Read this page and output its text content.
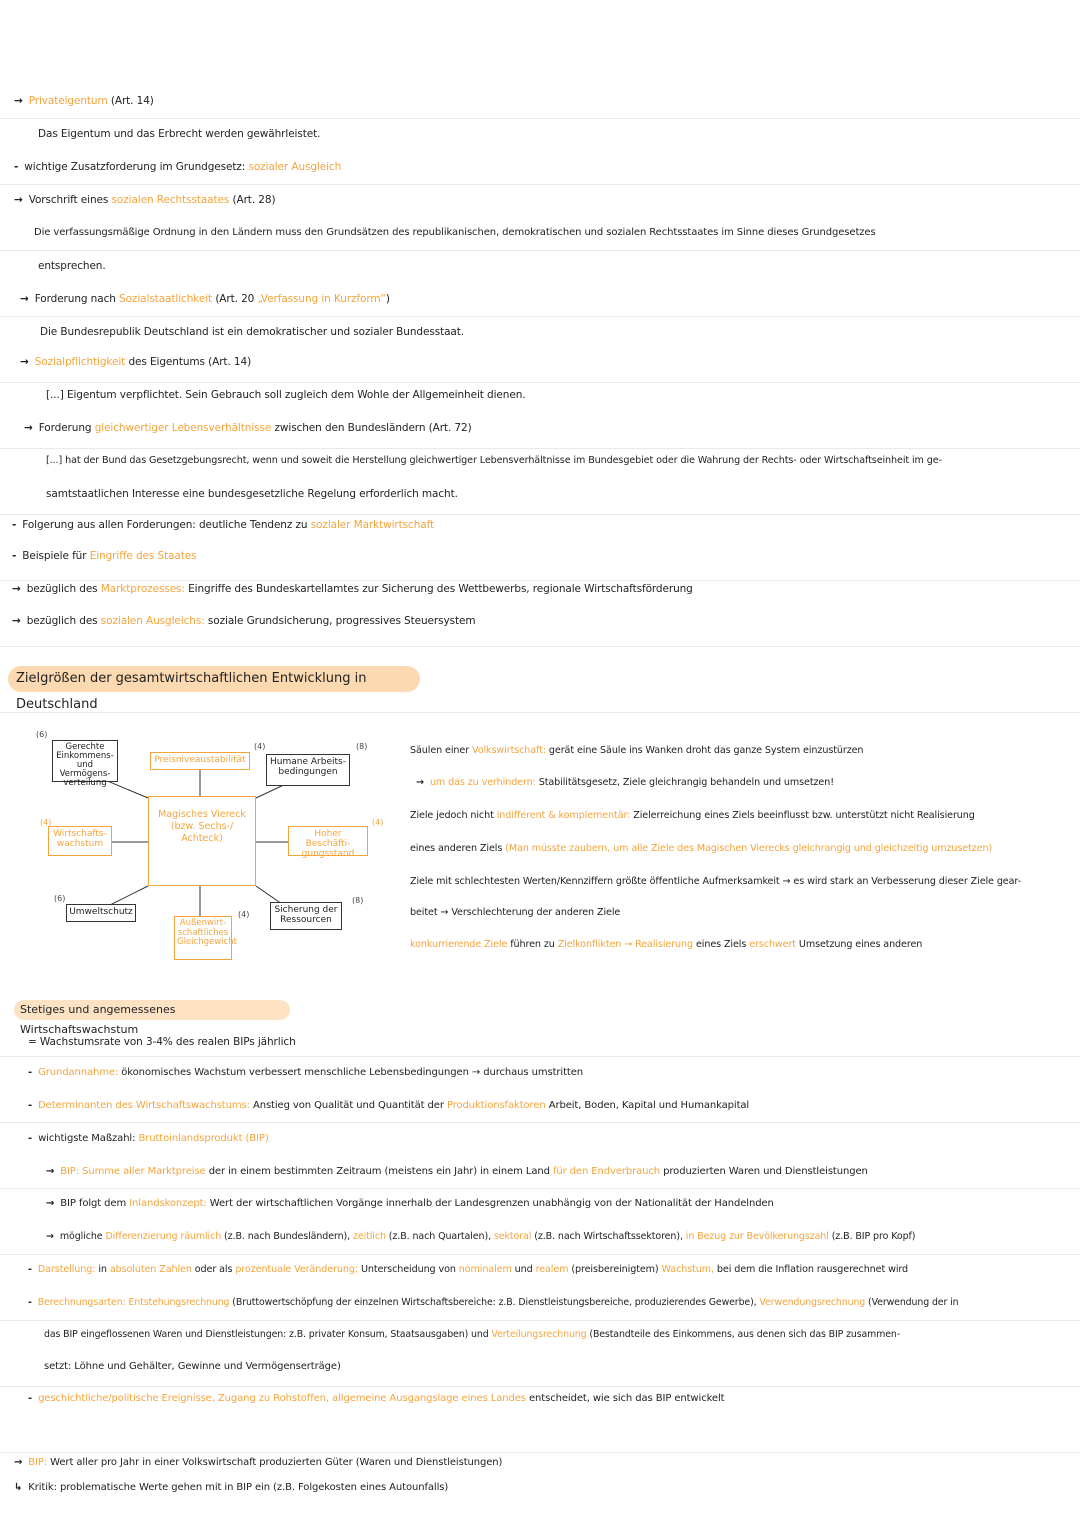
→ Privateigentum (Art. 14)
Das Eigentum und das Erbrecht werden gewährleistet.
- wichtige Zusatzforderung im Grundgesetz: sozialer Ausgleich
→ Vorschrift eines sozialen Rechtsstaates (Art. 28)
Die verfassungsmäßige Ordnung in den Ländern muss den Grundsätzen des republikanischen, demokratischen und sozialen Rechtsstaates im Sinne dieses Grundgesetzes
entsprechen.
→ Forderung nach Sozialstaatlichkeit (Art. 20 „Verfassung in Kurzform“)
Die Bundesrepublik Deutschland ist ein demokratischer und sozialer Bundesstaat.
→ Sozialpflichtigkeit des Eigentums (Art. 14)
[...] Eigentum verpflichtet. Sein Gebrauch soll zugleich dem Wohle der Allgemeinheit dienen.
→ Forderung gleichwertiger Lebensverhältnisse zwischen den Bundesländern (Art. 72)
[...] hat der Bund das Gesetzgebungsrecht, wenn und soweit die Herstellung gleichwertiger Lebensverhältnisse im Bundesgebiet oder die Wahrung der Rechts- oder Wirtschaftseinheit im ge-
samtstaatlichen Interesse eine bundesgesetzliche Regelung erforderlich macht.
- Folgerung aus allen Forderungen: deutliche Tendenz zu sozialer Marktwirtschaft
- Beispiele für Eingriffe des Staates
→ bezüglich des Marktprozesses: Eingriffe des Bundeskartellamtes zur Sicherung des Wettbewerbs, regionale Wirtschaftsförderung
→ bezüglich des sozialen Ausgleichs: soziale Grundsicherung, progressives Steuersystem
Zielgrößen der gesamtwirtschaftlichen Entwicklung in Deutschland
Magisches Viereck (bzw. Sechs-/ Achteck)
Gerechte Einkommens- und Vermögens- verteilung
Preisniveaustabilität	Humane Arbeits- bedingungen
Wirtschafts- wachstum
Hoher Beschäfti- gungsstand
Umweltschutz
Außenwirt- schaftliches Gleichgewicht
Sicherung der Ressourcen
(6)
(4)	(8)
(4)	(4)
(6)
(4)
(8)
Säulen einer Volkswirtschaft: gerät eine Säule ins Wanken droht das ganze System einzustürzen
→ um das zu verhindern: Stabilitätsgesetz, Ziele gleichrangig behandeln und umsetzen!
Ziele jedoch nicht indifferent & komplementär: Zielerreichung eines Ziels beeinflusst bzw. unterstützt nicht Realisierung
eines anderen Ziels (Man müsste zaubern, um alle Ziele des Magischen Vierecks gleichrangig und gleichzeitig umzusetzen)
Ziele mit schlechtesten Werten/Kennziffern größte öffentliche Aufmerksamkeit → es wird stark an Verbesserung dieser Ziele gear-
beitet → Verschlechterung der anderen Ziele
konkurrierende Ziele führen zu Zielkonflikten → Realisierung eines Ziels erschwert Umsetzung eines anderen
Stetiges und angemessenes Wirtschaftswachstum
= Wachstumsrate von 3-4% des realen BIPs jährlich
- Grundannahme: ökonomisches Wachstum verbessert menschliche Lebensbedingungen → durchaus umstritten
- Determinanten des Wirtschaftswachstums: Anstieg von Qualität und Quantität der Produktionsfaktoren Arbeit, Boden, Kapital und Humankapital
- wichtigste Maßzahl: Bruttoinlandsprodukt (BIP)
→ BIP: Summe aller Marktpreise der in einem bestimmten Zeitraum (meistens ein Jahr) in einem Land für den Endverbrauch produzierten Waren und Dienstleistungen
→ BIP folgt dem Inlandskonzept: Wert der wirtschaftlichen Vorgänge innerhalb der Landesgrenzen unabhängig von der Nationalität der Handelnden
→ mögliche Differenzierung räumlich (z.B. nach Bundesländern), zeitlich (z.B. nach Quartalen), sektoral (z.B. nach Wirtschaftssektoren), in Bezug zur Bevölkerungszahl (z.B. BIP pro Kopf)
- Darstellung: in absoluten Zahlen oder als prozentuale Veränderung; Unterscheidung von nominalem und realem (preisbereinigtem) Wachstum, bei dem die Inflation rausgerechnet wird
- Berechnungsarten: Entstehungsrechnung (Bruttowertschöpfung der einzelnen Wirtschaftsbereiche: z.B. Dienstleistungsbereiche, produzierendes Gewerbe), Verwendungsrechnung (Verwendung der in
das BIP eingeflossenen Waren und Dienstleistungen: z.B. privater Konsum, Staatsausgaben) und Verteilungsrechnung (Bestandteile des Einkommens, aus denen sich das BIP zusammen-
setzt: Löhne und Gehälter, Gewinne und Vermögenserträge)
- geschichtliche/politische Ereignisse, Zugang zu Rohstoffen, allgemeine Ausgangslage eines Landes entscheidet, wie sich das BIP entwickelt
→ BIP: Wert aller pro Jahr in einer Volkswirtschaft produzierten Güter (Waren und Dienstleistungen)
↳ Kritik: problematische Werte gehen mit in BIP ein (z.B. Folgekosten eines Autounfalls)
